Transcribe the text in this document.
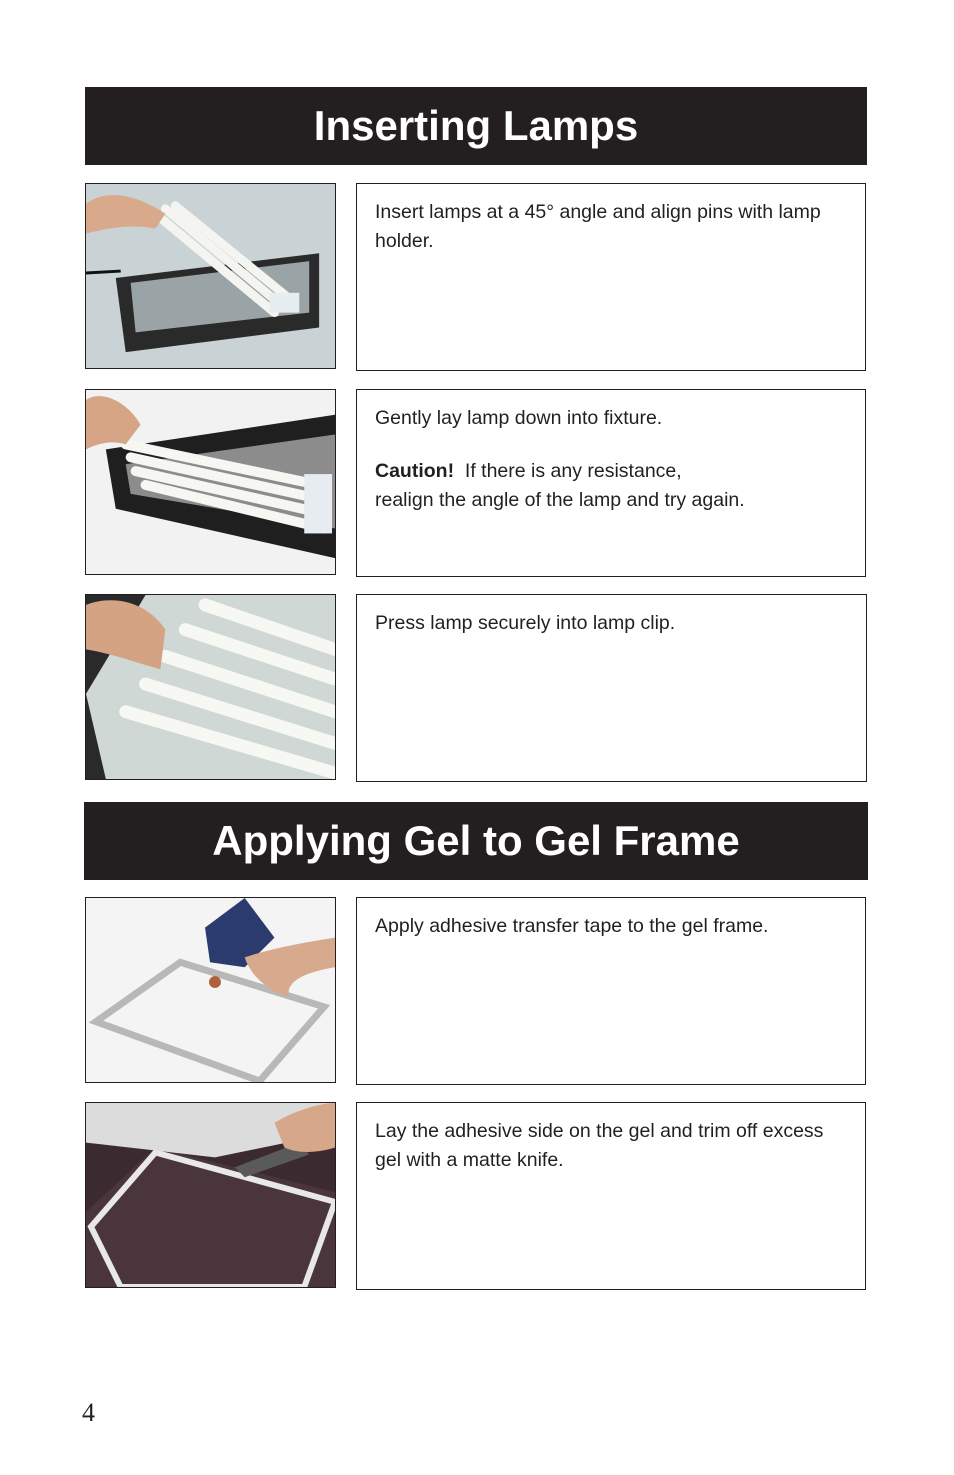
Inserting Lamps

Insert lamps at a 45° angle and align pins with lamp holder.

Gently lay lamp down into fixture.

Caution!  If there is any resistance,
realign the angle of the lamp and try again.

Press lamp securely into lamp clip.

Applying Gel to Gel Frame

Apply adhesive transfer tape to the gel frame.

Lay the adhesive side on the gel and trim off excess gel with a matte knife.

4
